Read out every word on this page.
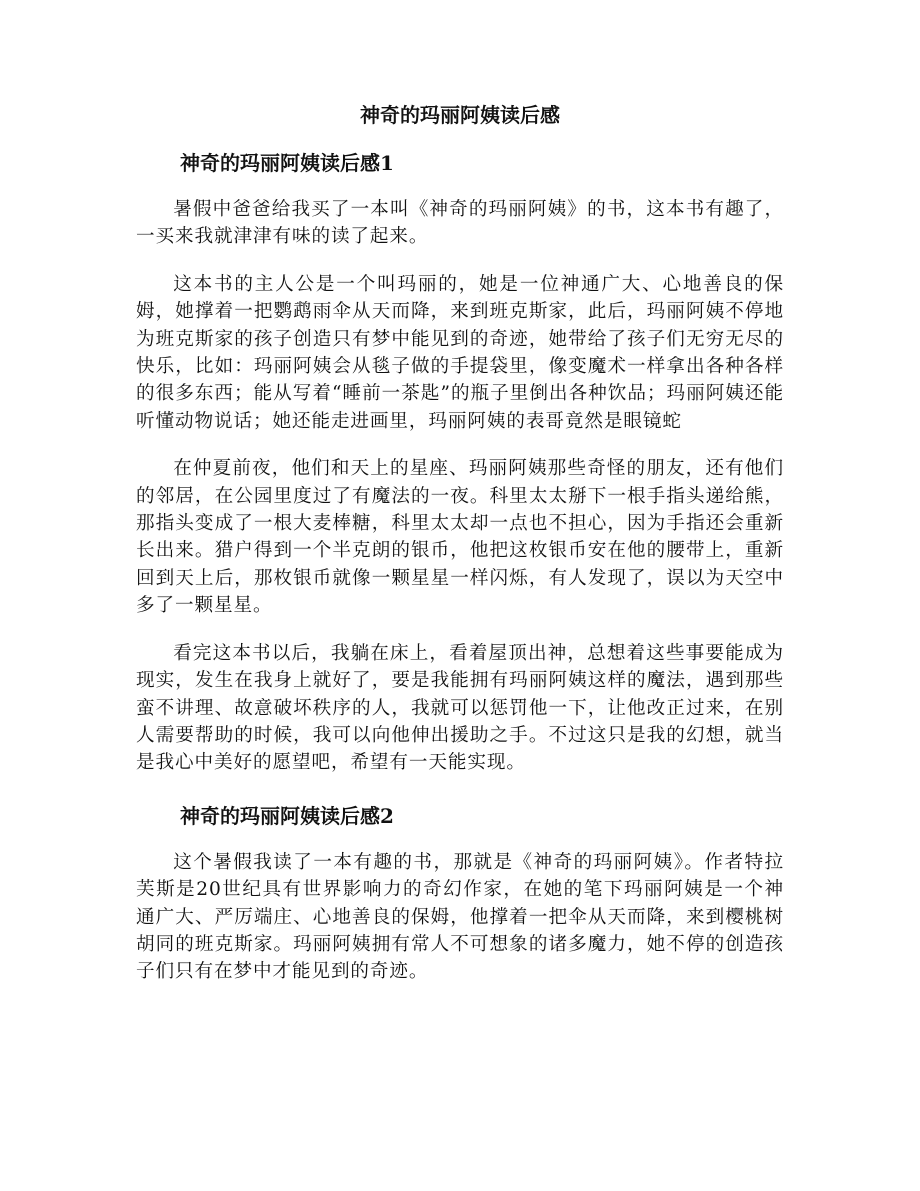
神奇的玛丽阿姨读后感
神奇的玛丽阿姨读后感1

暑假中爸爸给我买了一本叫《神奇的玛丽阿姨》的书，这本书有趣了，一买来我就津津有味的读了起来。

这本书的主人公是一个叫玛丽的，她是一位神通广大、心地善良的保姆，她撑着一把鹦鹉雨伞从天而降，来到班克斯家，此后，玛丽阿姨不停地为班克斯家的孩子创造只有梦中能见到的奇迹，她带给了孩子们无穷无尽的快乐，比如：玛丽阿姨会从毯子做的手提袋里，像变魔术一样拿出各种各样的很多东西；能从写着“睡前一茶匙”的瓶子里倒出各种饮品；玛丽阿姨还能听懂动物说话；她还能走进画里，玛丽阿姨的表哥竟然是眼镜蛇

在仲夏前夜，他们和天上的星座、玛丽阿姨那些奇怪的朋友，还有他们的邻居，在公园里度过了有魔法的一夜。科里太太掰下一根手指头递给熊，那指头变成了一根大麦棒糖，科里太太却一点也不担心，因为手指还会重新长出来。猎户得到一个半克朗的银币，他把这枚银币安在他的腰带上，重新回到天上后，那枚银币就像一颗星星一样闪烁，有人发现了，误以为天空中多了一颗星星。

看完这本书以后，我躺在床上，看着屋顶出神，总想着这些事要能成为现实，发生在我身上就好了，要是我能拥有玛丽阿姨这样的魔法，遇到那些蛮不讲理、故意破坏秩序的人，我就可以惩罚他一下，让他改正过来，在别人需要帮助的时候，我可以向他伸出援助之手。不过这只是我的幻想，就当是我心中美好的愿望吧，希望有一天能实现。

神奇的玛丽阿姨读后感2

这个暑假我读了一本有趣的书，那就是《神奇的玛丽阿姨》。作者特拉芙斯是20世纪具有世界影响力的奇幻作家，在她的笔下玛丽阿姨是一个神通广大、严厉端庄、心地善良的保姆，他撑着一把伞从天而降，来到樱桃树胡同的班克斯家。玛丽阿姨拥有常人不可想象的诸多魔力，她不停的创造孩子们只有在梦中才能见到的奇迹。
